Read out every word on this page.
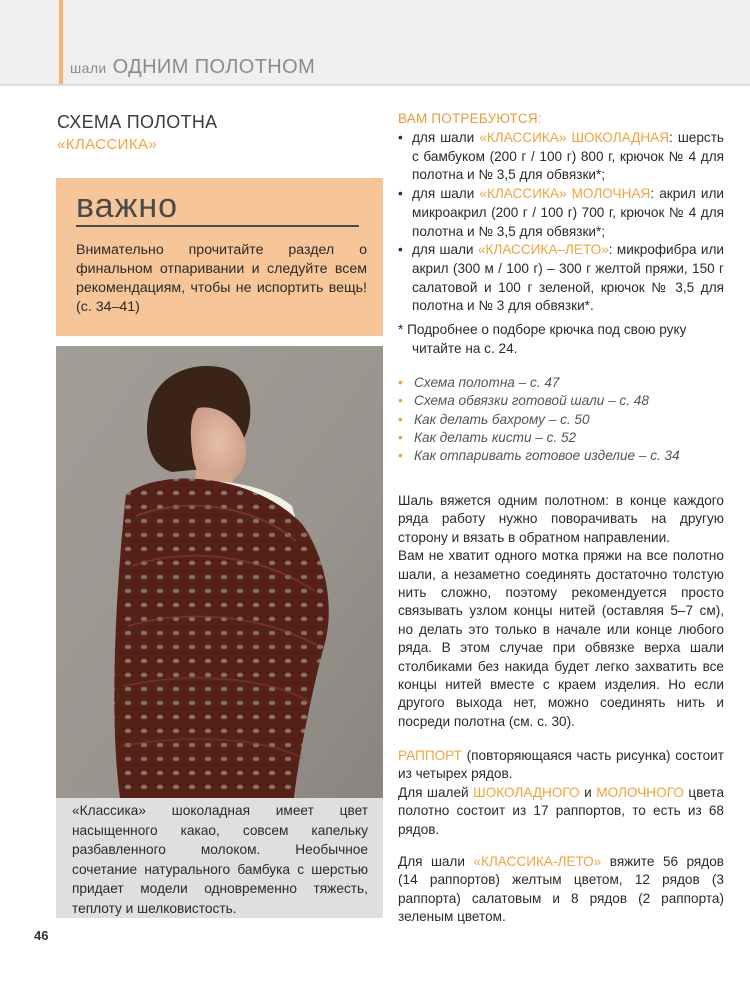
шали ОДНИМ ПОЛОТНОМ
СХЕМА ПОЛОТНА
«КЛАССИКА»
важно
Внимательно прочитайте раздел о финальном отпаривании и следуйте всем рекомендациям, чтобы не испортить вещь! (с. 34–41)
«Классика» шоколадная имеет цвет насыщенного какао, совсем капельку разбавленного молоком. Необычное сочетание натурального бамбука с шерстью придает модели одновременно тяжесть, теплоту и шелковистость.
46
ВАМ ПОТРЕБУЮТСЯ:
• для шали «КЛАССИКА» ШОКОЛАДНАЯ: шерсть с бамбуком (200 г / 100 г) 800 г, крючок № 4 для полотна и № 3,5 для обвязки*;
• для шали «КЛАССИКА» МОЛОЧНАЯ: акрил или микроакрил (200 г / 100 г) 700 г, крючок № 4 для полотна и № 3,5 для обвязки*;
• для шали «КЛАССИКА–ЛЕТО»: микрофибра или акрил (300 м / 100 г) – 300 г желтой пряжи, 150 г салатовой и 100 г зеленой, крючок № 3,5 для полотна и № 3 для обвязки*.
* Подробнее о подборе крючка под свою руку
читайте на с. 24.
• Схема полотна – с. 47
• Схема обвязки готовой шали – с. 48
• Как делать бахрому – с. 50
• Как делать кисти – с. 52
• Как отпаривать готовое изделие – с. 34

Шаль вяжется одним полотном: в конце каждого ряда работу нужно поворачивать на другую сторону и вязать в обратном направлении.

Вам не хватит одного мотка пряжи на все полотно шали, а незаметно соединять достаточно толстую нить сложно, поэтому рекомендуется просто связывать узлом концы нитей (оставляя 5–7 см), но делать это только в начале или конце любого ряда. В этом случае при обвязке верха шали столбиками без накида будет легко захватить все концы нитей вместе с краем изделия. Но если другого выхода нет, можно соединять нить и посреди полотна (см. с. 30).

РАППОРТ (повторяющаяся часть рисунка) состоит из четырех рядов.

Для шалей ШОКОЛАДНОГО и МОЛОЧНОГО цвета полотно состоит из 17 раппортов, то есть из 68 рядов.

Для шали «КЛАССИКА-ЛЕТО» вяжите 56 рядов (14 раппортов) желтым цветом, 12 рядов (3 раппорта) салатовым и 8 рядов (2 раппорта) зеленым цветом.
